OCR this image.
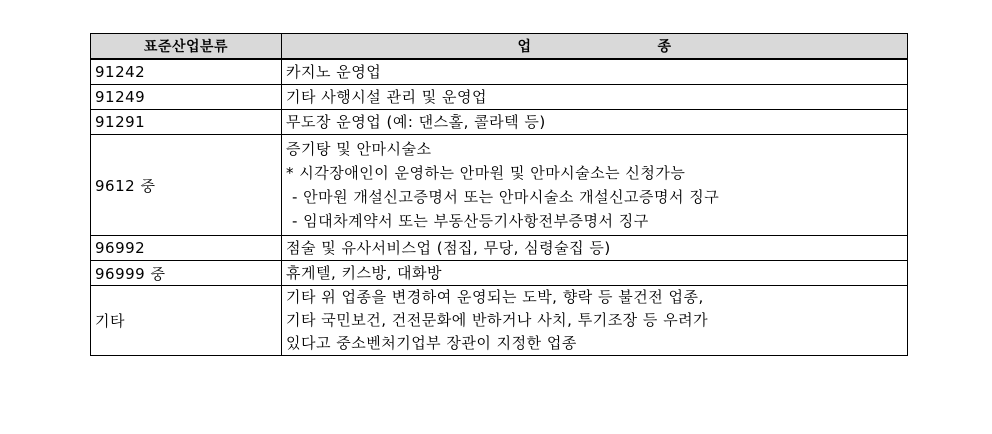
표준산업분류	업 종
91242	카지노 운영업

91249	기타 사행시설 관리 및 운영업

91291	무도장 운영업 (예: 댄스홀, 콜라텍 등)

9612 중	증기탕 및 안마시술소
* 시각장애인이 운영하는 안마원 및 안마시술소는 신청가능
- 안마원 개설신고증명서 또는 안마시술소 개설신고증명서 징구
- 임대차계약서 또는 부동산등기사항전부증명서 징구

96992	점술 및 유사서비스업 (점집, 무당, 심령술집 등)

96999 중	휴게텔, 키스방, 대화방

기타	기타 위 업종을 변경하여 운영되는 도박, 향락 등 불건전 업종,
기타 국민보건, 건전문화에 반하거나 사치, 투기조장 등 우려가
있다고 중소벤처기업부 장관이 지정한 업종
